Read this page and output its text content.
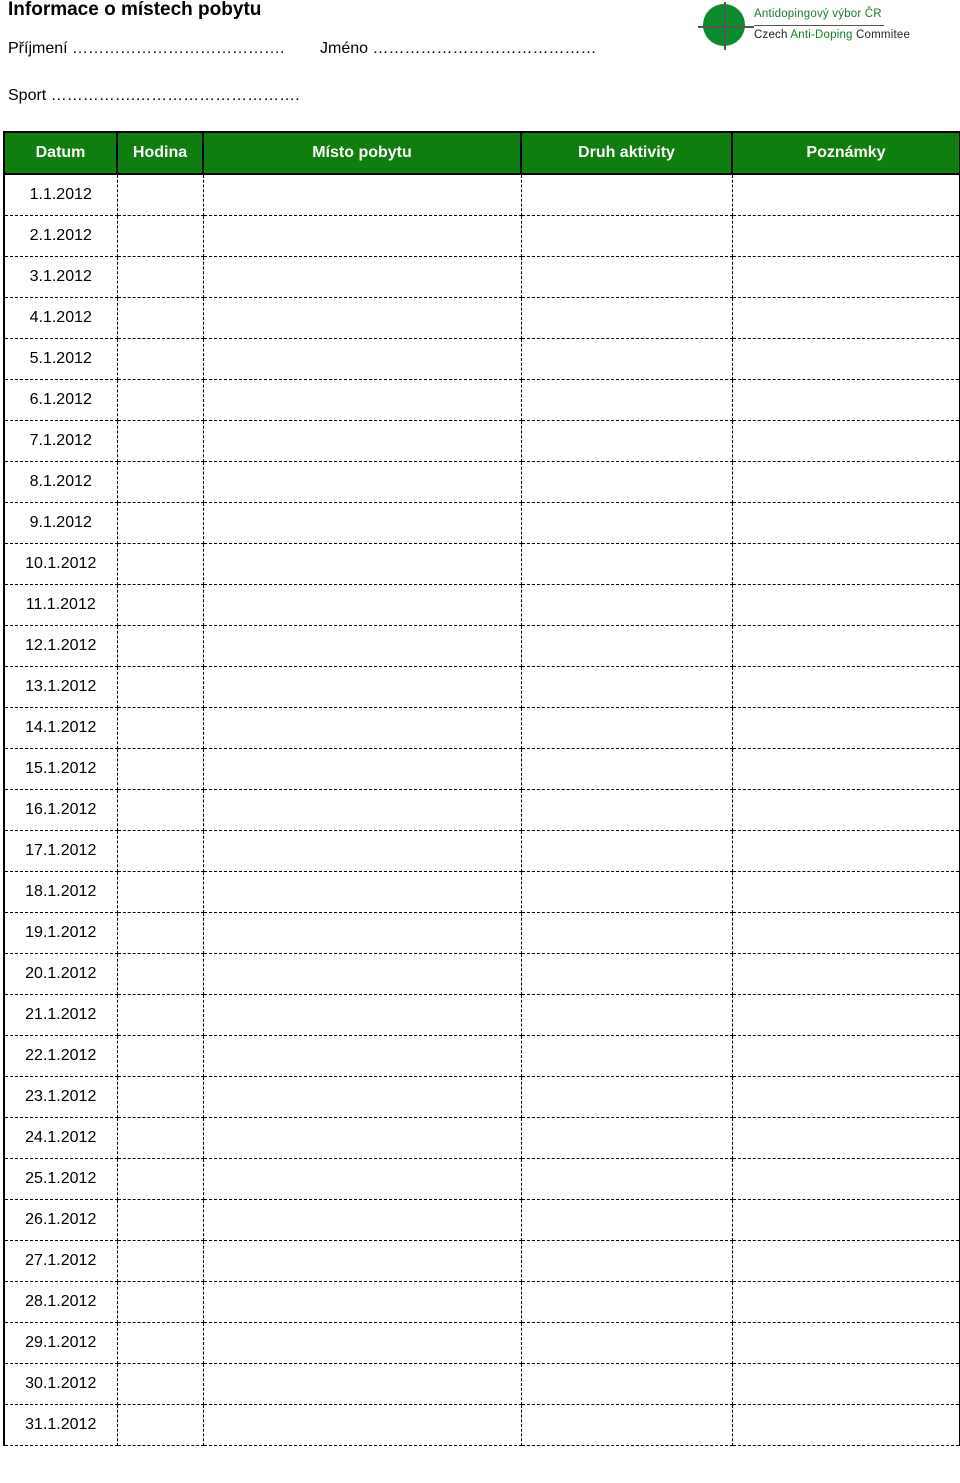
Informace o místech pobytu
Příjmení …………………………………. Jméno ……………………………………
Sport …………….………………………….
Antidopingový výbor ČR
Czech Anti-Doping Commitee
Datum	Hodina	Místo pobytu	Druh aktivity	Poznámky
1.1.2012				
2.1.2012				
3.1.2012				
4.1.2012				
5.1.2012				
6.1.2012				
7.1.2012				
8.1.2012				
9.1.2012				
10.1.2012				
11.1.2012				
12.1.2012				
13.1.2012				
14.1.2012				
15.1.2012				
16.1.2012				
17.1.2012				
18.1.2012				
19.1.2012				
20.1.2012				
21.1.2012				
22.1.2012				
23.1.2012				
24.1.2012				
25.1.2012				
26.1.2012				
27.1.2012				
28.1.2012				
29.1.2012				
30.1.2012				
31.1.2012				
